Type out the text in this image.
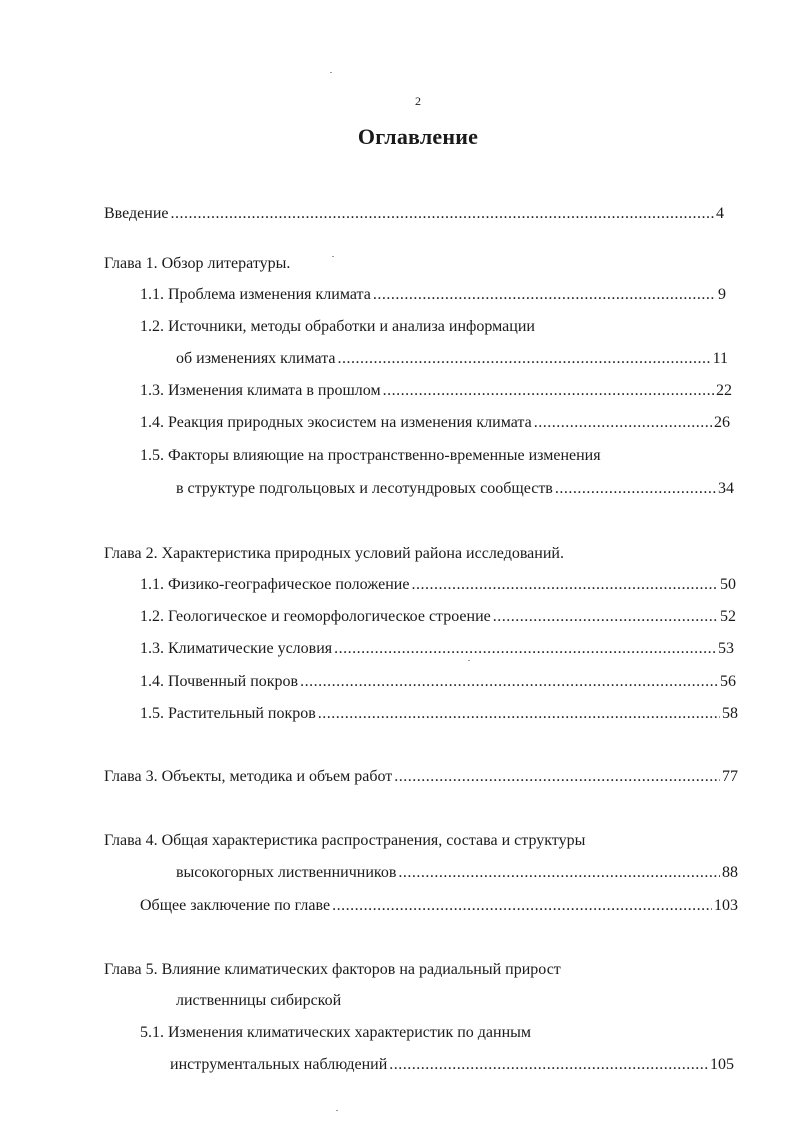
2
Оглавление
Введение .....	4
Глава 1. Обзор литературы.
1.1. Проблема изменения климата .....	9
1.2. Источники, методы обработки и анализа информации
об изменениях климата .....	11
1.3. Изменения климата в прошлом .....	22
1.4. Реакция природных экосистем на изменения климата .....	26
1.5. Факторы влияющие на пространственно-временные изменения
в структуре подгольцовых и лесотундровых сообществ .....	34
Глава 2. Характеристика природных условий района исследований.
1.1. Физико-географическое положение .....	50
1.2. Геологическое и геоморфологическое строение .....	52
1.3. Климатические условия .....	53
1.4. Почвенный покров .....	56
1.5. Растительный покров .....	58
Глава 3. Объекты, методика и объем работ .....	77
Глава 4. Общая характеристика распространения, состава и структуры
высокогорных лиственничников .....	88
Общее заключение по главе .....	103
Глава 5. Влияние климатических факторов на радиальный прирост
лиственницы сибирской
5.1. Изменения климатических характеристик по данным
инструментальных наблюдений .....	105
